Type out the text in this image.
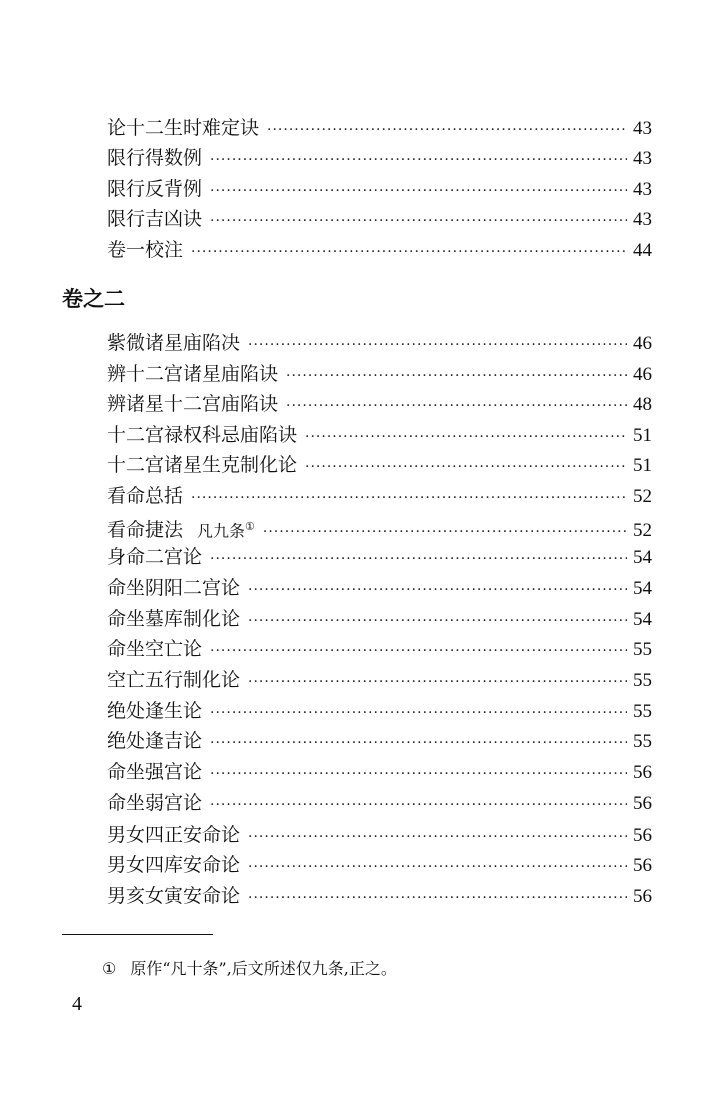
论十二生时难定诀 ·····	43
限行得数例 ·····	43
限行反背例 ·····	43
限行吉凶诀 ·····	43
卷一校注 ·····	44
卷之二
紫微诸星庙陷决 ·····	46
辨十二宫诸星庙陷诀 ·····	46
辨诸星十二宫庙陷诀 ·····	48
十二宫禄权科忌庙陷诀 ·····	51
十二宫诸星生克制化论 ·····	51
看命总括 ·····	52
看命捷法 凡九条① ·····	52
身命二宫论 ·····	54
命坐阴阳二宫论 ·····	54
命坐墓库制化论 ·····	54
命坐空亡论 ·····	55
空亡五行制化论 ·····	55
绝处逢生论 ·····	55
绝处逢吉论 ·····	55
命坐强宫论 ·····	56
命坐弱宫论 ·····	56
男女四正安命论 ·····	56
男女四库安命论 ·····	56
男亥女寅安命论 ·····	56
① 原作“凡十条”,后文所述仅九条,正之。
4
